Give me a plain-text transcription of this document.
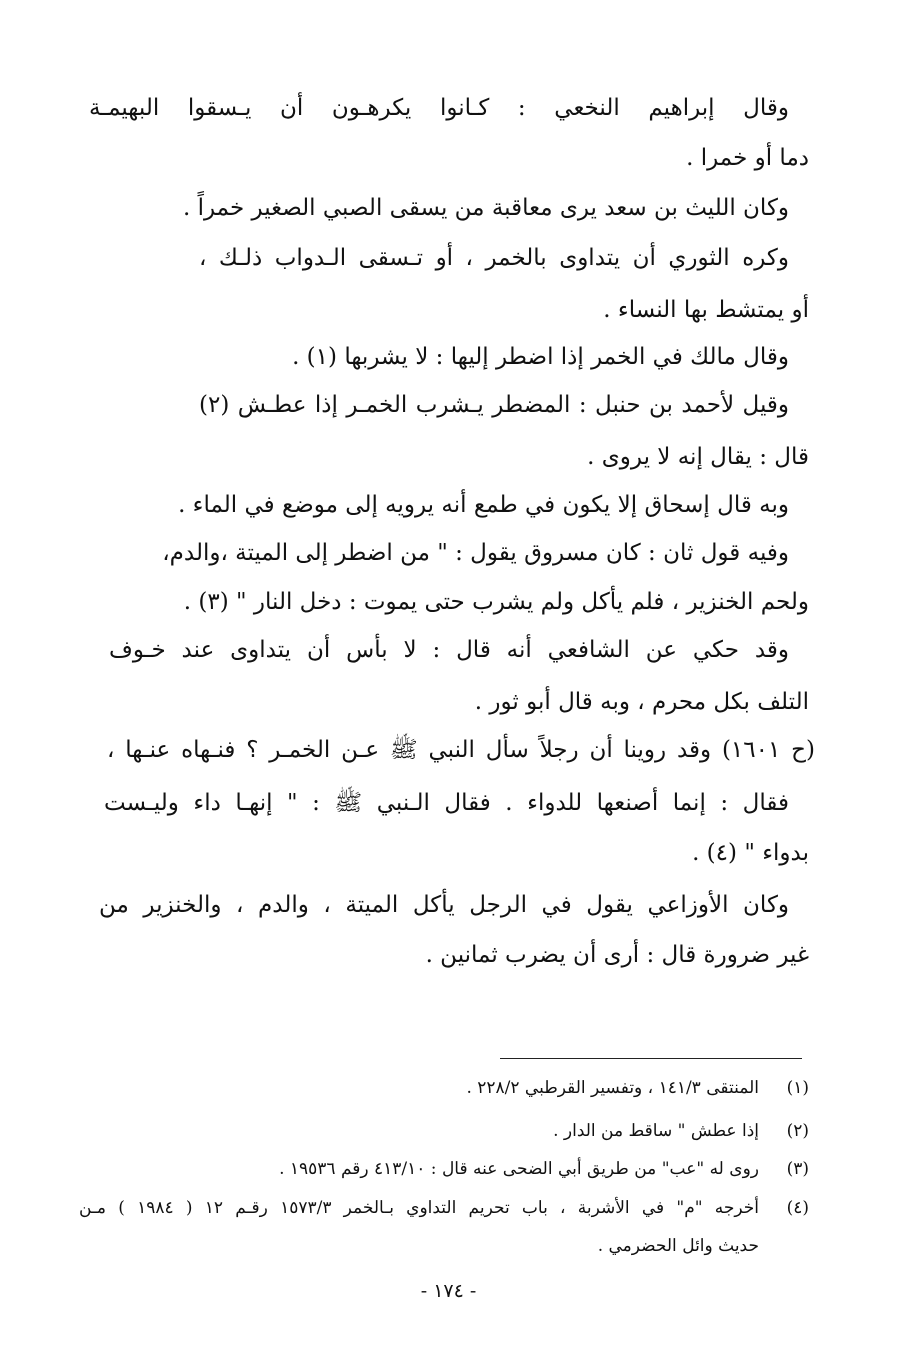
وقال إبراهيم النخعي : كـانوا يكرهـون أن يـسقوا البهيمـة
دما أو خمرا .
وكان الليث بن سعد يرى معاقبة من يسقى الصبي الصغير خمراً .
وكره الثوري أن يتداوى بالخمر ، أو تـسقى الـدواب ذلـك ،
أو يمتشط بها النساء .
وقال مالك في الخمر إذا اضطر إليها : لا يشربها (١) .
وقيل لأحمد بن حنبل : المضطر يـشرب الخمـر إذا عطـش (٢)
قال : يقال إنه لا يروى .
وبه قال إسحاق إلا يكون في طمع أنه يرويه إلى موضع في الماء .
وفيه قول ثان : كان مسروق يقول : " من اضطر إلى الميتة ،والدم،
ولحم الخنزير ، فلم يأكل ولم يشرب حتى يموت : دخل النار " (٣) .
وقد حكي عن الشافعي أنه قال : لا بأس أن يتداوى عند خـوف
التلف بكل محرم ، وبه قال أبو ثور .
(ح ١٦٠١) وقد روينا أن رجلاً سأل النبي ﷺ عـن الخمـر ؟ فنـهاه عنـها ،
فقال : إنما أصنعها للدواء . فقال الـنبي ﷺ : " إنهـا داء وليـست
بدواء " (٤) .
وكان الأوزاعي يقول في الرجل يأكل الميتة ، والدم ، والخنزير من
غير ضرورة قال : أرى أن يضرب ثمانين .
(١)
المنتقى ١٤١/٣ ، وتفسير القرطبي ٢٢٨/٢ .
(٢)
إذا عطش " ساقط من الدار .
(٣)
روى له "عب" من طريق أبي الضحى عنه قال : ٤١٣/١٠ رقم ١٩٥٣٦ .
(٤)
أخرجه "م" في الأشربة ، باب تحريم التداوي بـالخمر ١٥٧٣/٣ رقـم ١٢ ( ١٩٨٤ ) مـن
حديث وائل الحضرمي .
- ١٧٤ -
